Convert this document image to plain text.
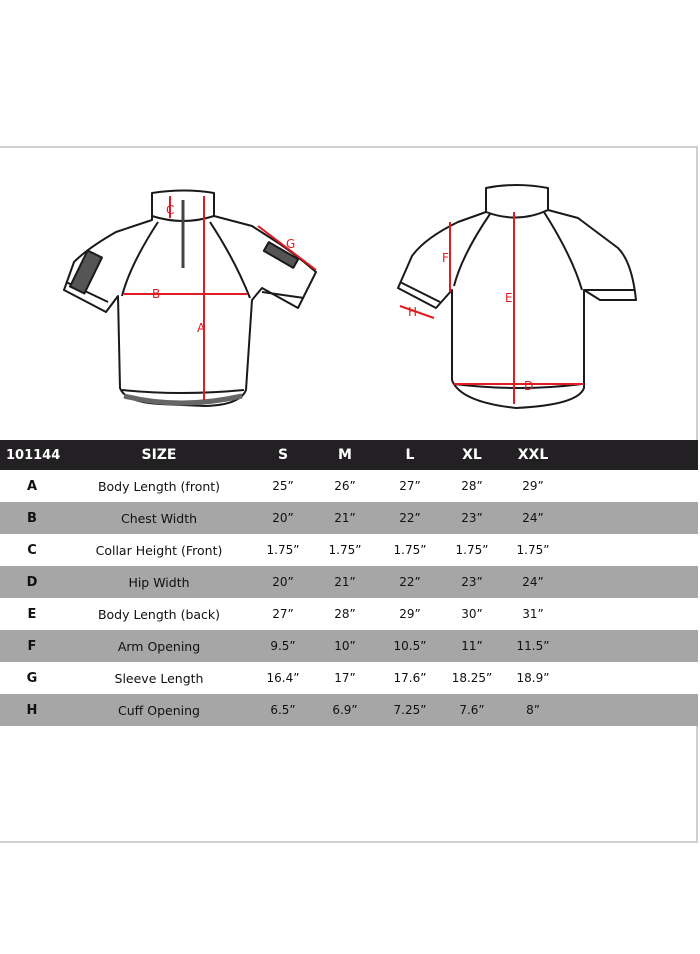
A
B
C
D
E
F
G
H
101144	SIZE	S	M	L	XL	XXL	
A	Body Length (front)	25”	26”	27”	28”	29”	
B	Chest Width	20”	21”	22”	23”	24”	
C	Collar Height (Front)	1.75”	1.75”	1.75”	1.75”	1.75”	
D	Hip Width	20”	21”	22”	23”	24”	
E	Body Length (back)	27”	28”	29”	30”	31”	
F	Arm Opening	9.5”	10”	10.5”	11”	11.5”	
G	Sleeve Length	16.4”	17”	17.6”	18.25”	18.9”	
H	Cuff Opening	6.5”	6.9”	7.25”	7.6”	8”	
